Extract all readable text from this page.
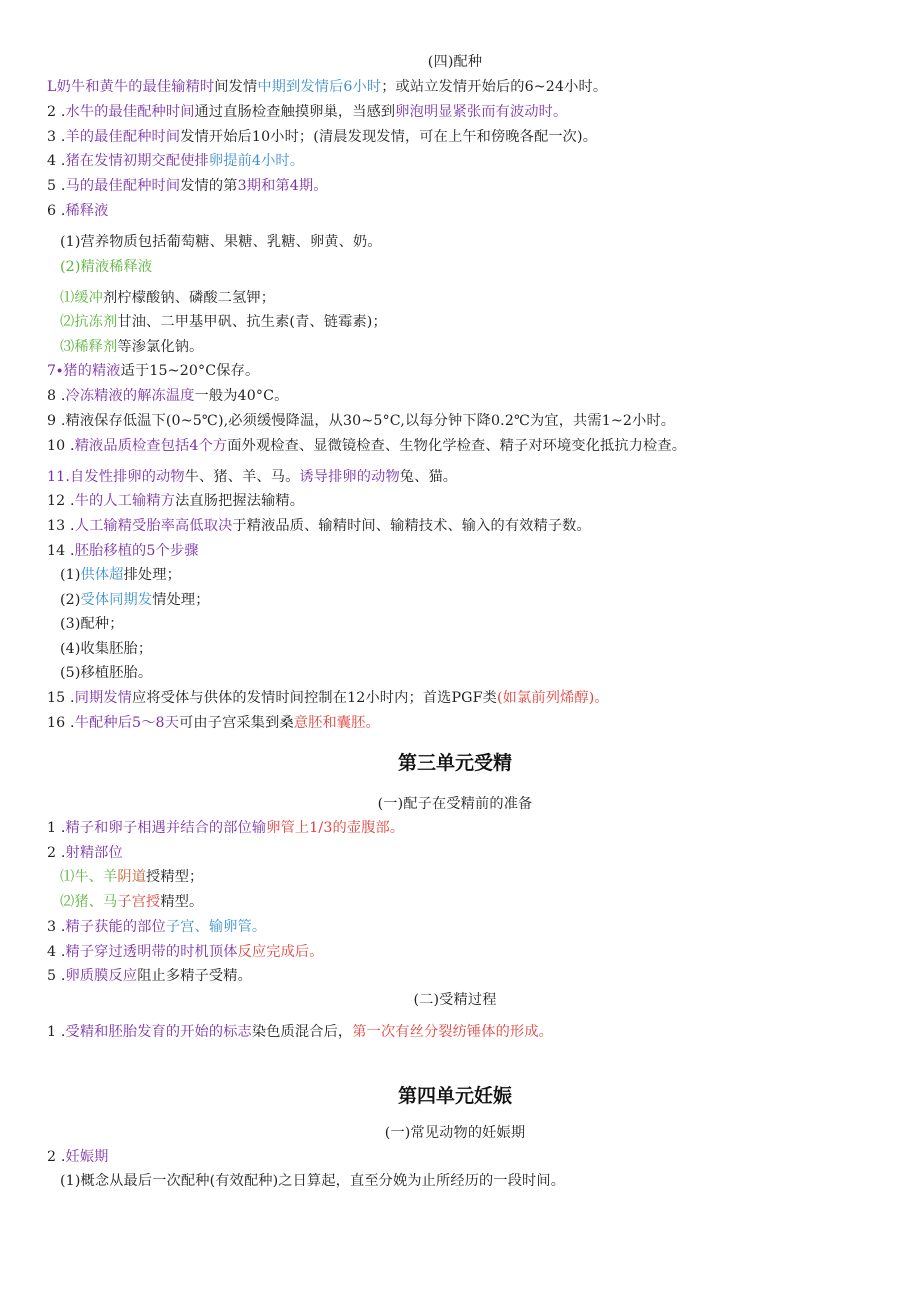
(四)配种
L奶牛和黄牛的最佳输精时间发情中期到发情后6小时；或站立发情开始后的6~24小时。
2 .水牛的最佳配种时间通过直肠检查触摸卵巢，当感到卵泡明显紧张而有波动时。
3 .羊的最佳配种时间发情开始后10小时；(清晨发现发情，可在上午和傍晚各配一次)。
4 .猪在发情初期交配使排卵提前4小时。
5 .马的最佳配种时间发情的第3期和第4期。
6 .稀释液
(1)营养物质包括葡萄糖、果糖、乳糖、卵黄、奶。
(2)精液稀释液
⑴缓冲剂柠檬酸钠、磷酸二氢钾；
⑵抗冻剂甘油、二甲基甲矾、抗生素(青、链霉素)；
⑶稀释剂等渗氯化钠。
7∙猪的精液适于15~20°C保存。
8 .冷冻精液的解冻温度一般为40°C。
9 .精液保存低温下(0~5℃),必须缓慢降温，从30~5°C,以每分钟下降0.2℃为宜，共需1~2小时。
10 .精液品质检查包括4个方面外观检查、显微镜检查、生物化学检查、精子对环境变化抵抗力检查。
11.自发性排卵的动物牛、猪、羊、马。诱导排卵的动物兔、猫。
12 .牛的人工输精方法直肠把握法输精。
13 .人工输精受胎率高低取决于精液品质、输精时间、输精技术、输入的有效精子数。
14 .胚胎移植的5个步骤
(1)供体超排处理；
(2)受体同期发情处理；
(3)配种；
(4)收集胚胎；
(5)移植胚胎。
15 .同期发情应将受体与供体的发情时间控制在12小时内；首选PGF类(如氯前列烯醇)。
16 .牛配种后5〜8天可由子宫采集到桑意胚和囊胚。
第三单元受精
(一)配子在受精前的准备
1 .精子和卵子相遇并结合的部位输卵管上1/3的壶腹部。
2 .射精部位
⑴牛、羊阴道授精型；
⑵猪、马子宫授精型。
3 .精子获能的部位子宫、输卵管。
4 .精子穿过透明带的时机顶体反应完成后。
5 .卵质膜反应阻止多精子受精。
(二)受精过程
1 .受精和胚胎发育的开始的标志染色质混合后，第一次有丝分裂纺锤体的形成。
第四单元妊娠
(一)常见动物的妊娠期
2 .妊娠期
(1)概念从最后一次配种(有效配种)之日算起，直至分娩为止所经历的一段时间。
